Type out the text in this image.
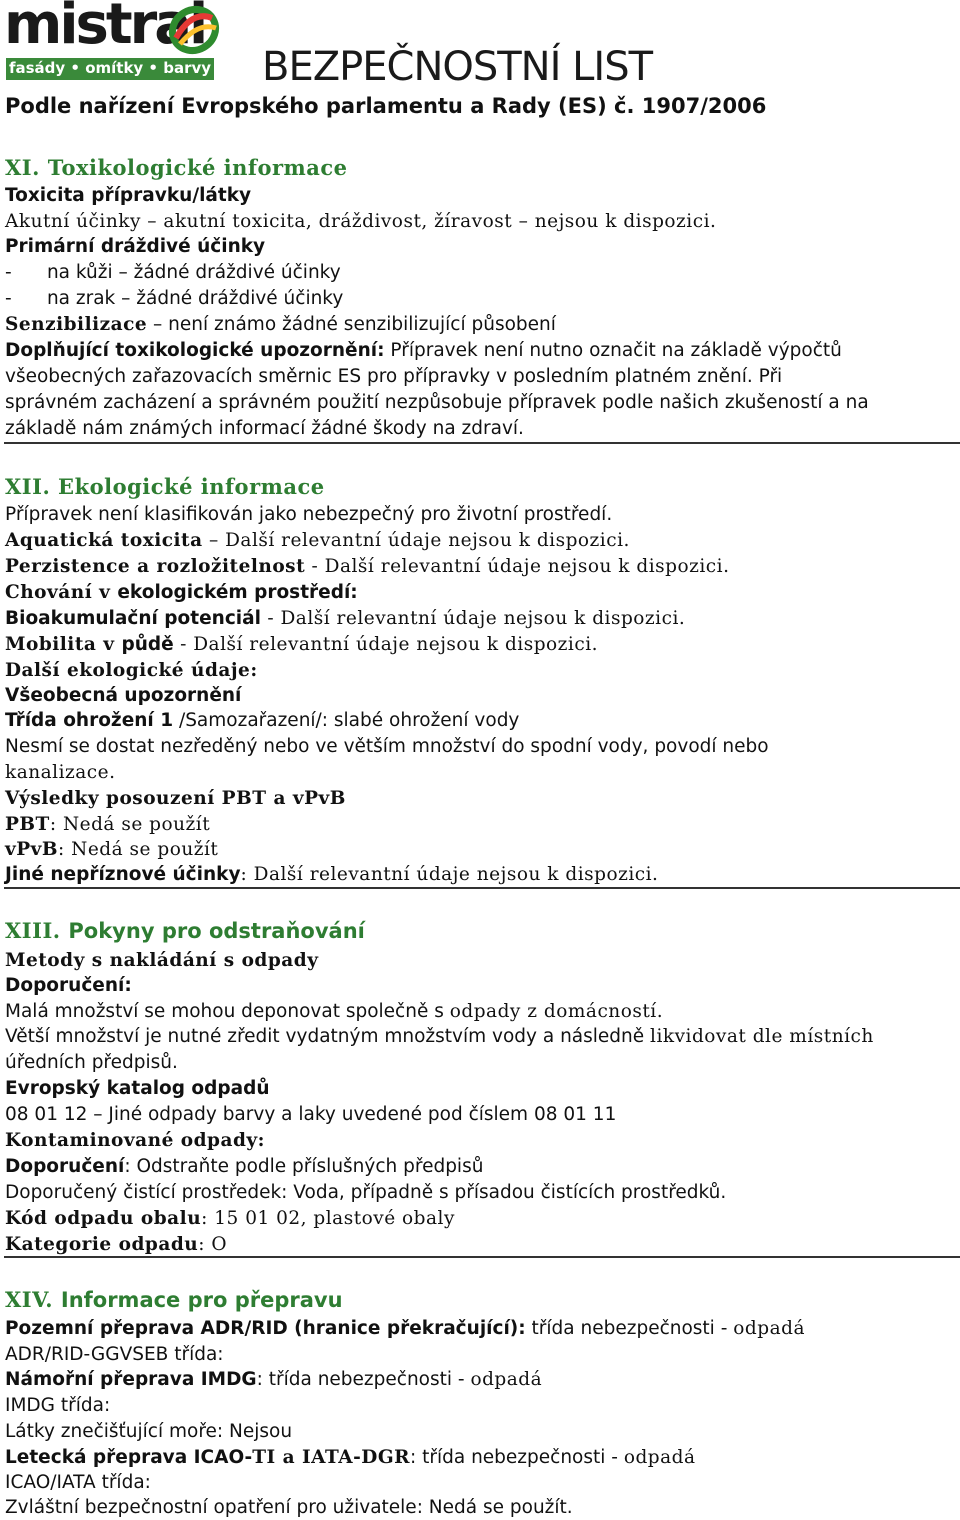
mistral
fasády • omítky • barvy BEZPEČNOSTNÍ LIST
Podle nařízení Evropského parlamentu a Rady (ES) č. 1907/2006
XI. Toxikologické informace
Toxicita přípravku/látky
Akutní účinky – akutní toxicita, dráždivost, žíravost – nejsou k dispozici.
Primární dráždivé účinky
-      na kůži – žádné dráždivé účinky
-      na zrak – žádné dráždivé účinky
Senzibilizace – není známo žádné senzibilizující působení
Doplňující toxikologické upozornění: Přípravek není nutno označit na základě výpočtů
všeobecných zařazovacích směrnic ES pro přípravky v posledním platném znění. Při
správném zacházení a správném použití nezpůsobuje přípravek podle našich zkušeností a na
základě nám známých informací žádné škody na zdraví.
XII. Ekologické informace
Přípravek není klasifikován jako nebezpečný pro životní prostředí.
Aquatická toxicita – Další relevantní údaje nejsou k dispozici.
Perzistence a rozložitelnost - Další relevantní údaje nejsou k dispozici.
Chování v ekologickém prostředí:
Bioakumulační potenciál - Další relevantní údaje nejsou k dispozici.
Mobilita v půdě - Další relevantní údaje nejsou k dispozici.
Další ekologické údaje:
Všeobecná upozornění
Třída ohrožení 1 /Samozařazení/: slabé ohrožení vody
Nesmí se dostat nezředěný nebo ve větším množství do spodní vody, povodí nebo
kanalizace.
Výsledky posouzení PBT a vPvB
PBT: Nedá se použít
vPvB: Nedá se použít
Jiné nepříznové účinky: Další relevantní údaje nejsou k dispozici.
XIII. Pokyny pro odstraňování
Metody s nakládání s odpady
Doporučení:
Malá množství se mohou deponovat společně s odpady z domácností.
Větší množství je nutné zředit vydatným množstvím vody a následně likvidovat dle místních
úředních předpisů.
Evropský katalog odpadů
08 01 12 – Jiné odpady barvy a laky uvedené pod číslem 08 01 11
Kontaminované odpady:
Doporučení: Odstraňte podle příslušných předpisů
Doporučený čistící prostředek: Voda, případně s přísadou čistících prostředků.
Kód odpadu obalu: 15 01 02, plastové obaly
Kategorie odpadu: O
XIV. Informace pro přepravu
Pozemní přeprava ADR/RID (hranice překračující): třída nebezpečnosti - odpadá
ADR/RID-GGVSEB třída:
Námořní přeprava IMDG: třída nebezpečnosti - odpadá
IMDG třída:
Látky znečišťující moře: Nejsou
Letecká přeprava ICAO-TI a IATA-DGR: třída nebezpečnosti - odpadá
ICAO/IATA třída:
Zvláštní bezpečnostní opatření pro uživatele: Nedá se použít.
